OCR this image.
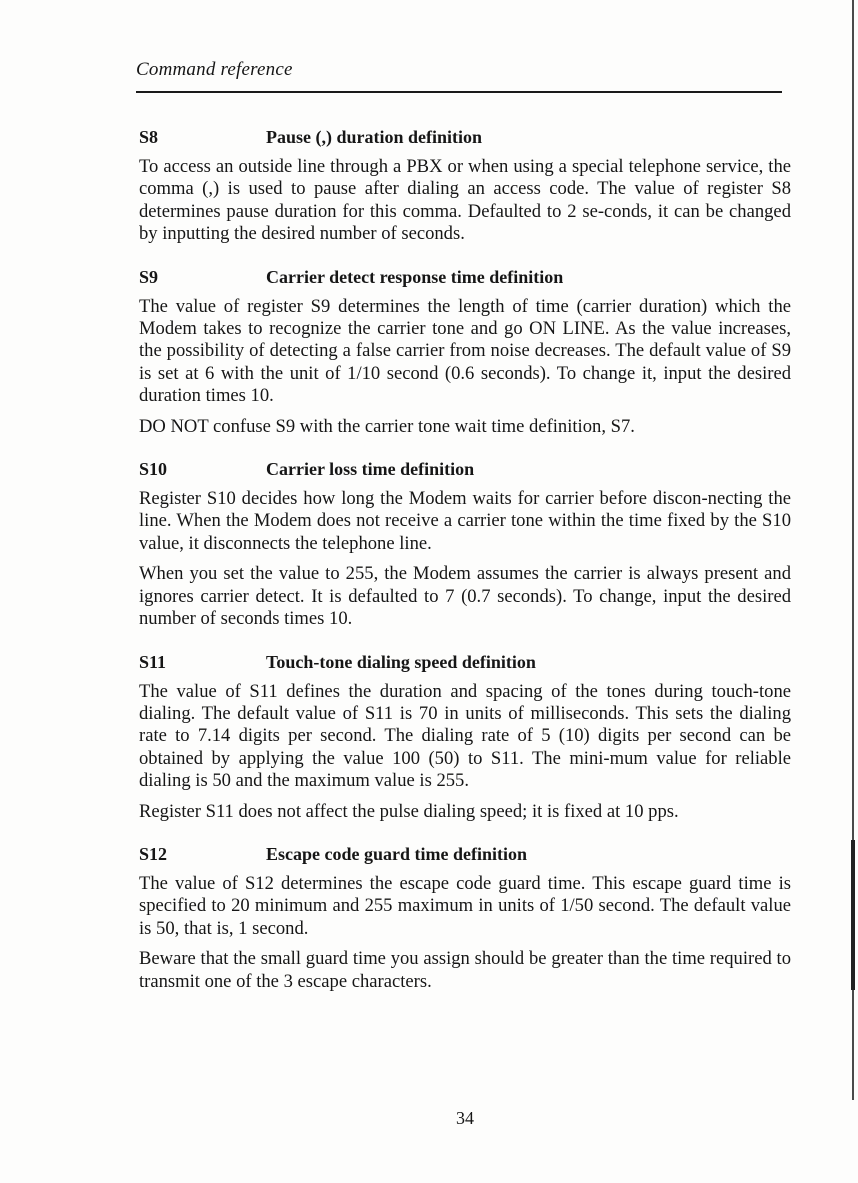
Command reference
S8	Pause (,) duration definition

To access an outside line through a PBX or when using a special telephone service, the comma (,) is used to pause after dialing an access code. The value of register S8 determines pause duration for this comma. Defaulted to 2 se-conds, it can be changed by inputting the desired number of seconds.

S9	Carrier detect response time definition

The value of register S9 determines the length of time (carrier duration) which the Modem takes to recognize the carrier tone and go ON LINE. As the value increases, the possibility of detecting a false carrier from noise decreases. The default value of S9 is set at 6 with the unit of 1/10 second (0.6 seconds). To change it, input the desired duration times 10.

DO NOT confuse S9 with the carrier tone wait time definition, S7.

S10	Carrier loss time definition

Register S10 decides how long the Modem waits for carrier before discon-necting the line. When the Modem does not receive a carrier tone within the time fixed by the S10 value, it disconnects the telephone line.

When you set the value to 255, the Modem assumes the carrier is always present and ignores carrier detect. It is defaulted to 7 (0.7 seconds). To change, input the desired number of seconds times 10.

S11	Touch-tone dialing speed definition

The value of S11 defines the duration and spacing of the tones during touch-tone dialing. The default value of S11 is 70 in units of milliseconds. This sets the dialing rate to 7.14 digits per second. The dialing rate of 5 (10) digits per second can be obtained by applying the value 100 (50) to S11. The mini-mum value for reliable dialing is 50 and the maximum value is 255.

Register S11 does not affect the pulse dialing speed; it is fixed at 10 pps.

S12	Escape code guard time definition

The value of S12 determines the escape code guard time. This escape guard time is specified to 20 minimum and 255 maximum in units of 1/50 second. The default value is 50, that is, 1 second.

Beware that the small guard time you assign should be greater than the time required to transmit one of the 3 escape characters.

34
